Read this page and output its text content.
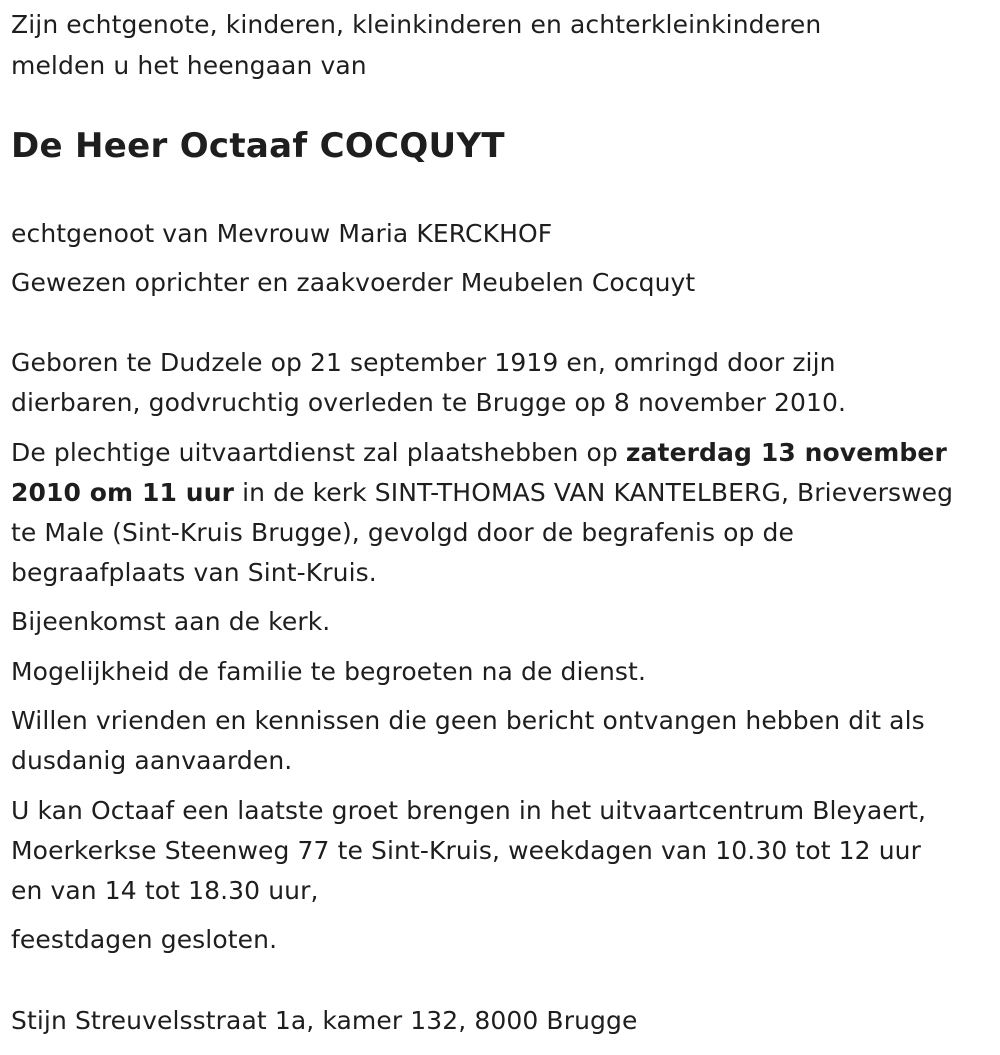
Zijn echtgenote, kinderen, kleinkinderen en achterkleinkinderen
melden u het heengaan van
De Heer Octaaf COCQUYT
echtgenoot van Mevrouw Maria KERCKHOF
Gewezen oprichter en zaakvoerder Meubelen Cocquyt
Geboren te Dudzele op 21 september 1919 en, omringd door zijn
dierbaren, godvruchtig overleden te Brugge op 8 november 2010.
De plechtige uitvaartdienst zal plaatshebben op zaterdag 13 november
2010 om 11 uur in de kerk SINT-THOMAS VAN KANTELBERG, Brieversweg
te Male (Sint-Kruis Brugge), gevolgd door de begrafenis op de
begraafplaats van Sint-Kruis.
Bijeenkomst aan de kerk.
Mogelijkheid de familie te begroeten na de dienst.
Willen vrienden en kennissen die geen bericht ontvangen hebben dit als
dusdanig aanvaarden.
U kan Octaaf een laatste groet brengen in het uitvaartcentrum Bleyaert,
Moerkerkse Steenweg 77 te Sint-Kruis, weekdagen van 10.30 tot 12 uur
en van 14 tot 18.30 uur,
feestdagen gesloten.
Stijn Streuvelsstraat 1a, kamer 132, 8000 Brugge
